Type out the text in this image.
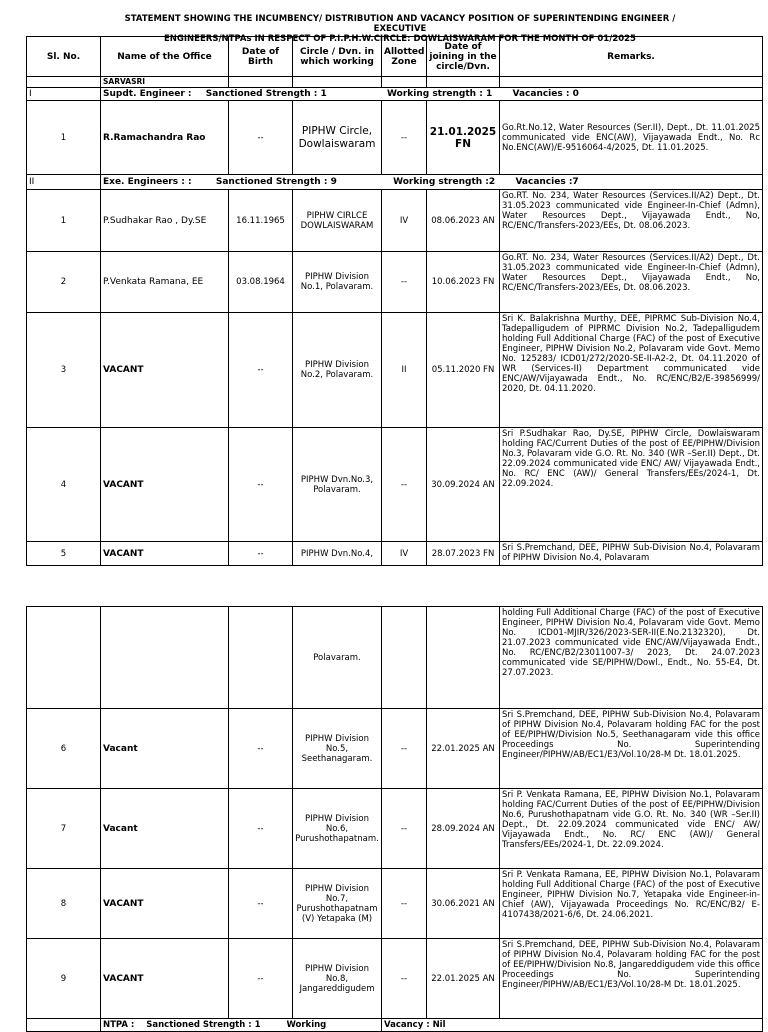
STATEMENT SHOWING THE INCUMBENCY/ DISTRIBUTION AND VACANCY POSITION OF SUPERINTENDING ENGINEER / EXECUTIVE
ENGINEERS/NTPAs IN RESPECT OF P.I.P.H.W.CIRCLE: DOWLAISWARAM FOR THE MONTH OF 01/2025
Sl. No.	Name of the Office	Date of Birth	Circle / Dvn. in which working	Allotted Zone	Date of joining in the circle/Dvn.	Remarks.
	SARVASRI					
I	Supdt. Engineer : Sanctioned Strength : 1 Working strength : 1 Vacancies : 0					
1	R.Ramachandra Rao	--	PIPHW Circle, Dowlaiswaram	--	21.01.2025 FN	Go.Rt.No.12, Water Resources (Ser.II), Dept., Dt. 11.01.2025 communicated vide ENC(AW), Vijayawada Endt., No. Rc No.ENC(AW)/E-9516064-4/2025, Dt. 11.01.2025.
II	Exe. Engineers : : Sanctioned Strength : 9 Working strength :2 Vacancies :7					
1	P.Sudhakar Rao , Dy.SE	16.11.1965	PIPHW CIRLCE DOWLAISWARAM	IV	08.06.2023 AN	Go.RT. No. 234, Water Resources (Services.II/A2) Dept., Dt. 31.05.2023 communicated vide Engineer-In-Chief (Admn), Water Resources Dept., Vijayawada Endt., No, RC/ENC/Transfers-2023/EEs, Dt. 08.06.2023.
2	P.Venkata Ramana, EE	03.08.1964	PIPHW Division No.1, Polavaram.	--	10.06.2023 FN	Go.RT. No. 234, Water Resources (Services.II/A2) Dept., Dt. 31.05.2023 communicated vide Engineer-In-Chief (Admn), Water Resources Dept., Vijayawada Endt., No, RC/ENC/Transfers-2023/EEs, Dt. 08.06.2023.
3	VACANT	--	PIPHW Division No.2, Polavaram.	II	05.11.2020 FN	Sri K. Balakrishna Murthy, DEE, PIPRMC Sub-Division No.4, Tadepalligudem of PIPRMC Division No.2, Tadepalligudem holding Full Additional Charge (FAC) of the post of Executive Engineer, PIPHW Division No.2, Polavaram vide Govt. Memo No. 125283/ ICD01/272/2020-SE-II-A2-2, Dt. 04.11.2020 of WR (Services-II) Department communicated vide ENC/AW/Vijayawada Endt., No. RC/ENC/B2/E-39856999/ 2020, Dt. 04.11.2020.
4	VACANT	--	PIPHW Dvn.No.3, Polavaram.	--	30.09.2024 AN	Sri P.Sudhakar Rao, Dy.SE, PIPHW Circle, Dowlaiswaram holding FAC/Current Duties of the post of EE/PIPHW/Division No.3, Polavaram vide G.O. Rt. No. 340 (WR –Ser.II) Dept., Dt. 22.09.2024 communicated vide ENC/ AW/ Vijayawada Endt., No. RC/ ENC (AW)/ General Transfers/EEs/2024-1, Dt. 22.09.2024.
5	VACANT	--	PIPHW Dvn.No.4,	IV	28.07.2023 FN	Sri S.Premchand, DEE, PIPHW Sub-Division No.4, Polavaram of PIPHW Division No.4, Polavaram
			Polavaram.			holding Full Additional Charge (FAC) of the post of Executive Engineer, PIPHW Division No.4, Polavaram vide Govt. Memo No. ICD01-MJIR/326/2023-SER-II(E.No.2132320), Dt. 21.07.2023 communicated vide ENC/AW/Vijayawada Endt., No. RC/ENC/B2/23011007-3/ 2023, Dt. 24.07.2023 communicated vide SE/PIPHW/Dowl., Endt., No. 55-E4, Dt. 27.07.2023.
6	Vacant	--	PIPHW Division No.5, Seethanagaram.	--	22.01.2025 AN	Sri S.Premchand, DEE, PIPHW Sub-Division No.4, Polavaram of PIPHW Division No.4, Polavaram holding FAC for the post of EE/PIPHW/Division No.5, Seethanagaram vide this office Proceedings No. Superintending Engineer/PIPHW/AB/EC1/E3/Vol.10/28-M Dt. 18.01.2025.
7	Vacant	--	PIPHW Division No.6, Purushothapatnam.	--	28.09.2024 AN	Sri P. Venkata Ramana, EE, PIPHW Division No.1, Polavaram holding FAC/Current Duties of the post of EE/PIPHW/Division No.6, Purushothapatnam vide G.O. Rt. No. 340 (WR –Ser.II) Dept., Dt. 22.09.2024 communicated vide ENC/ AW/ Vijayawada Endt., No. RC/ ENC (AW)/ General Transfers/EEs/2024-1, Dt. 22.09.2024.
8	VACANT	--	PIPHW Division No.7, Purushothapatnam (V) Yetapaka (M)	--	30.06.2021 AN	Sri P. Venkata Ramana, EE, PIPHW Division No.1, Polavaram holding Full Additional Charge (FAC) of the post of Executive Engineer, PIPHW Division No.7, Yetapaka vide Engineer-in-Chief (AW), Vijayawada Proceedings No. RC/ENC/B2/ E-4107438/2021-6/6, Dt. 24.06.2021.
9	VACANT	--	PIPHW Division No.8, Jangareddigudem	--	22.01.2025 AN	Sri S.Premchand, DEE, PIPHW Sub-Division No.4, Polavaram of PIPHW Division No.4, Polavaram holding FAC for the post of EE/PIPHW/Division No.8, Jangareddigudem vide this office Proceedings No. Superintending Engineer/PIPHW/AB/EC1/E3/Vol.10/28-M Dt. 18.01.2025.
	NTPA : Sanctioned Strength : 1 Working			Vacancy : Nil		
